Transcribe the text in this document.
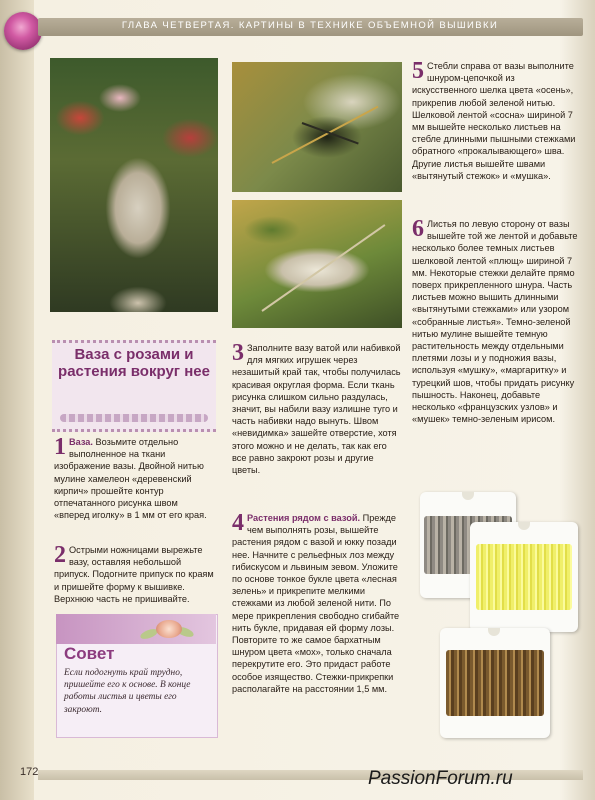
ГЛАВА ЧЕТВЕРТАЯ. КАРТИНЫ В ТЕХНИКЕ ОБЪЕМНОЙ ВЫШИВКИ
Ваза с розами и растения вокруг нее
1 Ваза. Возьмите отдельно выполненное на ткани изображение вазы. Двойной нитью мулине хамелеон «деревенский кирпич» прошейте контур отпечатанного рисунка швом «вперед иголку» в 1 мм от его края.
2 Острыми ножницами вырежьте вазу, оставляя небольшой припуск. Подогните припуск по краям и пришейте форму к вышивке. Верхнюю часть не пришивайте.
Совет
Если подогнуть край трудно, пришейте его к основе. В конце работы листья и цветы его закроют.
3 Заполните вазу ватой или набивкой для мягких игрушек через незашитый край так, чтобы получилась красивая округлая форма. Если ткань рисунка слишком сильно раздулась, значит, вы набили вазу излишне туго и часть набивки надо вынуть. Швом «невидимка» зашейте отверстие, хотя этого можно и не делать, так как его все равно закроют розы и другие цветы.
4 Растения рядом с вазой. Прежде чем выполнять розы, вышейте растения рядом с вазой и юкку позади нее. Начните с рельефных лоз между гибискусом и львиным зевом. Уложите по основе тонкое букле цвета «лесная зелень» и прикрепите мелкими стежками из любой зеленой нити. По мере прикрепления свободно сгибайте нить букле, придавая ей форму лозы. Повторите то же самое бархатным шнуром цвета «мох», только сначала перекрутите его. Это придаст работе особое изящество. Стежки-прикрепки располагайте на расстоянии 1,5 мм.
5 Стебли справа от вазы выполните шнуром-цепочкой из искусственного шелка цвета «осень», прикрепив любой зеленой нитью. Шелковой лентой «сосна» шириной 7 мм вышейте несколько листьев на стебле длинными пышными стежками обратного «прокалывающего» шва. Другие листья вышейте швами «вытянутый стежок» и «мушка».
6 Листья по левую сторону от вазы вышейте той же лентой и добавьте несколько более темных листьев шелковой лентой «плющ» шириной 7 мм. Некоторые стежки делайте прямо поверх прикрепленного шнура. Часть листьев можно вышить длинными «вытянутыми стежками» или узором «собранные листья». Темно-зеленой нитью мулине вышейте темную растительность между отдельными плетями лозы и у подножия вазы, используя «мушку», «маргаритку» и турецкий шов, чтобы придать рисунку пышность. Наконец, добавьте несколько «французских узлов» и «мушек» темно-зеленым ирисом.
172	PassionForum.ru
